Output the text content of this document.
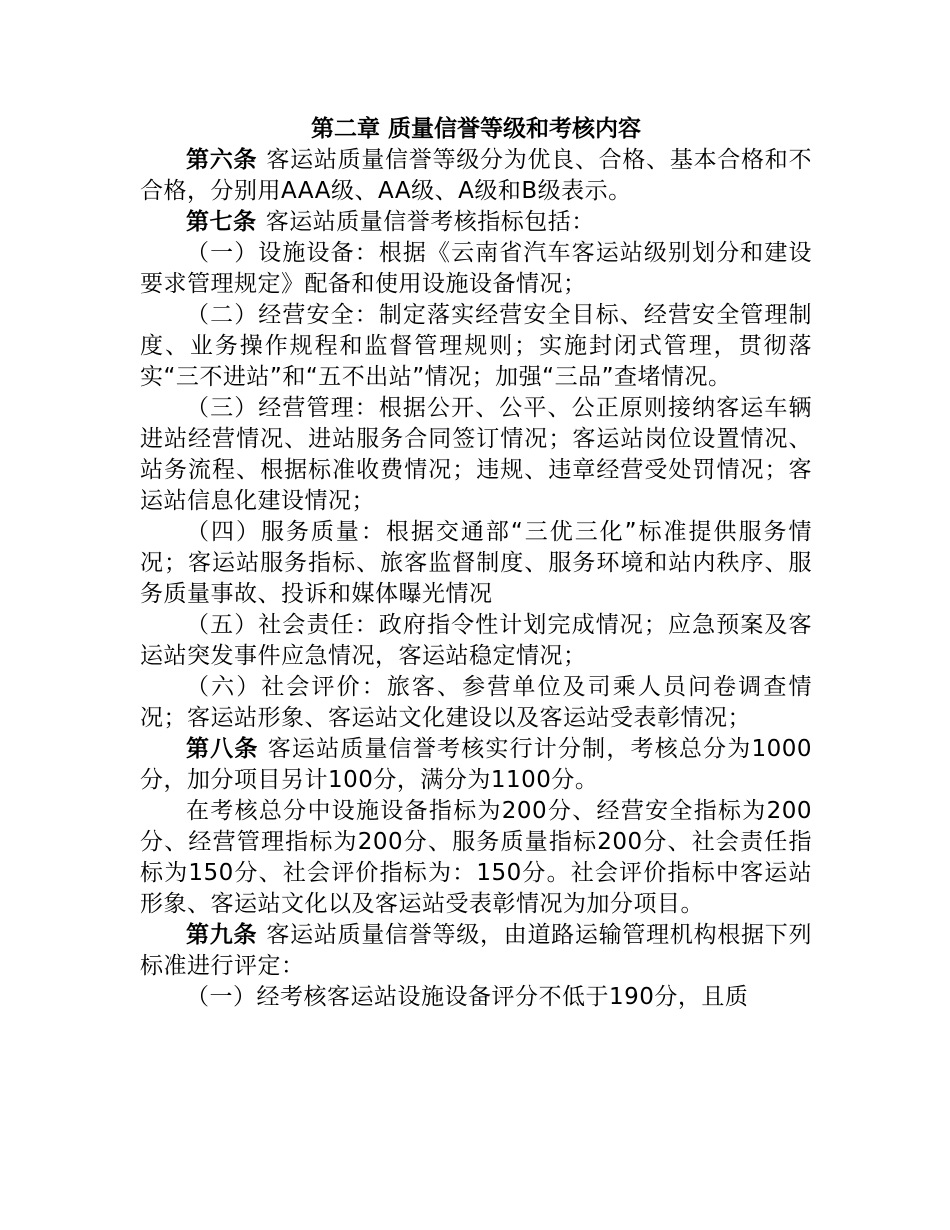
第二章 质量信誉等级和考核内容

第六条 客运站质量信誉等级分为优良、合格、基本合格和不合格，分别用AAA级、AA级、A级和B级表示。

第七条 客运站质量信誉考核指标包括：

（一）设施设备：根据《云南省汽车客运站级别划分和建设要求管理规定》配备和使用设施设备情况；

（二）经营安全：制定落实经营安全目标、经营安全管理制度、业务操作规程和监督管理规则；实施封闭式管理，贯彻落实“三不进站”和“五不出站”情况；加强“三品”查堵情况。

（三）经营管理：根据公开、公平、公正原则接纳客运车辆进站经营情况、进站服务合同签订情况；客运站岗位设置情况、站务流程、根据标准收费情况；违规、违章经营受处罚情况；客运站信息化建设情况；

（四）服务质量：根据交通部“三优三化”标准提供服务情况；客运站服务指标、旅客监督制度、服务环境和站内秩序、服务质量事故、投诉和媒体曝光情况

（五）社会责任：政府指令性计划完成情况；应急预案及客运站突发事件应急情况，客运站稳定情况；

（六）社会评价：旅客、参营单位及司乘人员问卷调查情况；客运站形象、客运站文化建设以及客运站受表彰情况；

第八条 客运站质量信誉考核实行计分制，考核总分为1000分，加分项目另计100分，满分为1100分。

在考核总分中设施设备指标为200分、经营安全指标为200分、经营管理指标为200分、服务质量指标200分、社会责任指标为150分、社会评价指标为：150分。社会评价指标中客运站形象、客运站文化以及客运站受表彰情况为加分项目。

第九条 客运站质量信誉等级，由道路运输管理机构根据下列标准进行评定：

（一）经考核客运站设施设备评分不低于190分，且质
